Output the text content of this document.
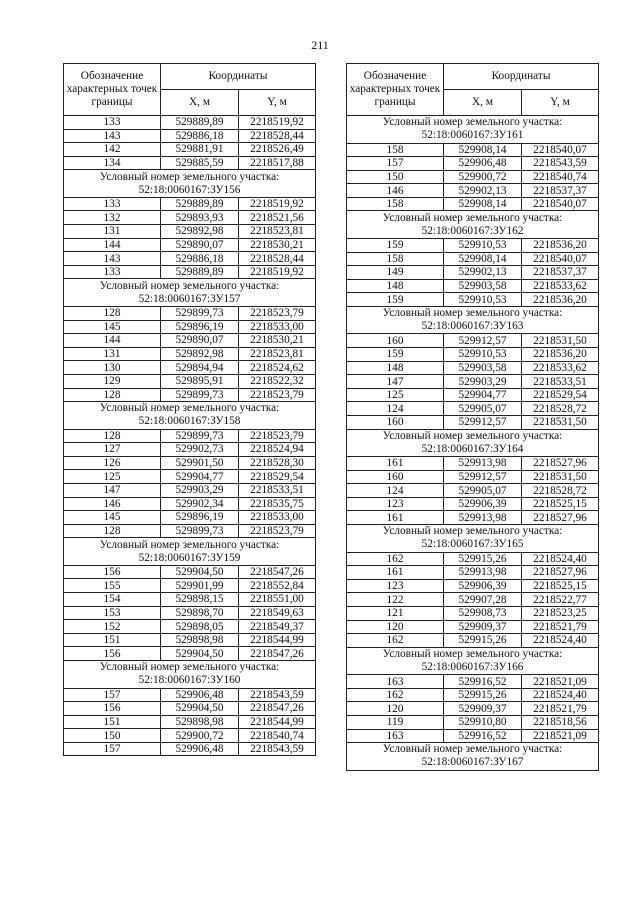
211
Обозначение характерных точек границы	Координаты	
	X, м	Y, м
133	529889,89	2218519,92
143	529886,18	2218528,44
142	529881,91	2218526,49
134	529885,59	2218517,88

Условный номер земельного участка:
52:18:0060167:ЗУ156		

133	529889,89	2218519,92
132	529893,93	2218521,56
131	529892,98	2218523,81
144	529890,07	2218530,21
143	529886,18	2218528,44
133	529889,89	2218519,92

Условный номер земельного участка:
52:18:0060167:ЗУ157		

128	529899,73	2218523,79
145	529896,19	2218533,00
144	529890,07	2218530,21
131	529892,98	2218523,81
130	529894,94	2218524,62
129	529895,91	2218522,32
128	529899,73	2218523,79

Условный номер земельного участка:
52:18:0060167:ЗУ158		

128	529899,73	2218523,79
127	529902,73	2218524,94
126	529901,50	2218528,30
125	529904,77	2218529,54
147	529903,29	2218533,51
146	529902,34	2218535,75
145	529896,19	2218533,00
128	529899,73	2218523,79

Условный номер земельного участка:
52:18:0060167:ЗУ159		

156	529904,50	2218547,26
155	529901,99	2218552,84
154	529898,15	2218551,00
153	529898,70	2218549,63
152	529898,05	2218549,37
151	529898,98	2218544,99
156	529904,50	2218547,26

Условный номер земельного участка:
52:18:0060167:ЗУ160		

157	529906,48	2218543,59
156	529904,50	2218547,26
151	529898,98	2218544,99
150	529900,72	2218540,74
157	529906,48	2218543,59
Обозначение характерных точек границы	Координаты	
	X, м	Y, м

Условный номер земельного участка:
52:18:0060167:ЗУ161		

158	529908,14	2218540,07
157	529906,48	2218543,59
150	529900,72	2218540,74
146	529902,13	2218537,37
158	529908,14	2218540,07

Условный номер земельного участка:
52:18:0060167:ЗУ162		

159	529910,53	2218536,20
158	529908,14	2218540,07
149	529902,13	2218537,37
148	529903,58	2218533,62
159	529910,53	2218536,20

Условный номер земельного участка:
52:18:0060167:ЗУ163		

160	529912,57	2218531,50
159	529910,53	2218536,20
148	529903,58	2218533,62
147	529903,29	2218533,51
125	529904,77	2218529,54
124	529905,07	2218528,72
160	529912,57	2218531,50

Условный номер земельного участка:
52:18:0060167:ЗУ164		

161	529913,98	2218527,96
160	529912,57	2218531,50
124	529905,07	2218528,72
123	529906,39	2218525,15
161	529913,98	2218527,96

Условный номер земельного участка:
52:18:0060167:ЗУ165		

162	529915,26	2218524,40
161	529913,98	2218527,96
123	529906,39	2218525,15
122	529907,28	2218522,77
121	529908,73	2218523,25
120	529909,37	2218521,79
162	529915,26	2218524,40

Условный номер земельного участка:
52:18:0060167:ЗУ166		

163	529916,52	2218521,09
162	529915,26	2218524,40
120	529909,37	2218521,79
119	529910,80	2218518,56
163	529916,52	2218521,09

Условный номер земельного участка:
52:18:0060167:ЗУ167		
